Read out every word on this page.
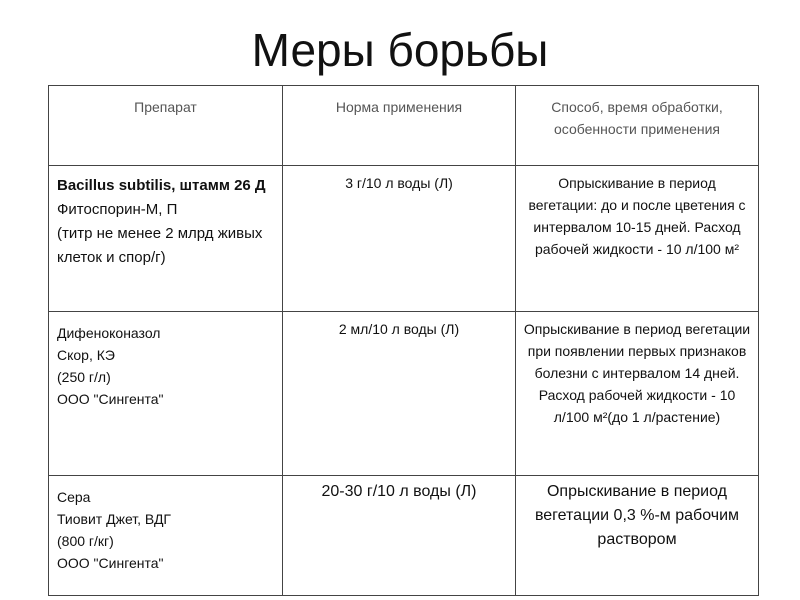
Меры борьбы
Препарат	Норма применения	Способ, время обработки, особенности применения

Bacillus subtilis, штамм 26 Д
Фитоспорин-М, П
(титр не менее 2 млрд живых клеток и спор/г)	3 г/10 л воды (Л)	Опрыскивание в период вегетации: до и после цветения с интервалом 10-15 дней. Расход рабочей жидкости - 10 л/100 м²

Дифеноконазол
Скор, КЭ
(250 г/л)
ООО "Сингента"	2 мл/10 л воды (Л)	Опрыскивание в период вегетации при появлении первых признаков болезни с интервалом 14 дней. Расход рабочей жидкости - 10 л/100 м²(до 1 л/растение)

Сера
Тиовит Джет, ВДГ
(800 г/кг)
ООО "Сингента"	20-30 г/10 л воды (Л)	Опрыскивание в период вегетации 0,3 %-м рабочим раствором
